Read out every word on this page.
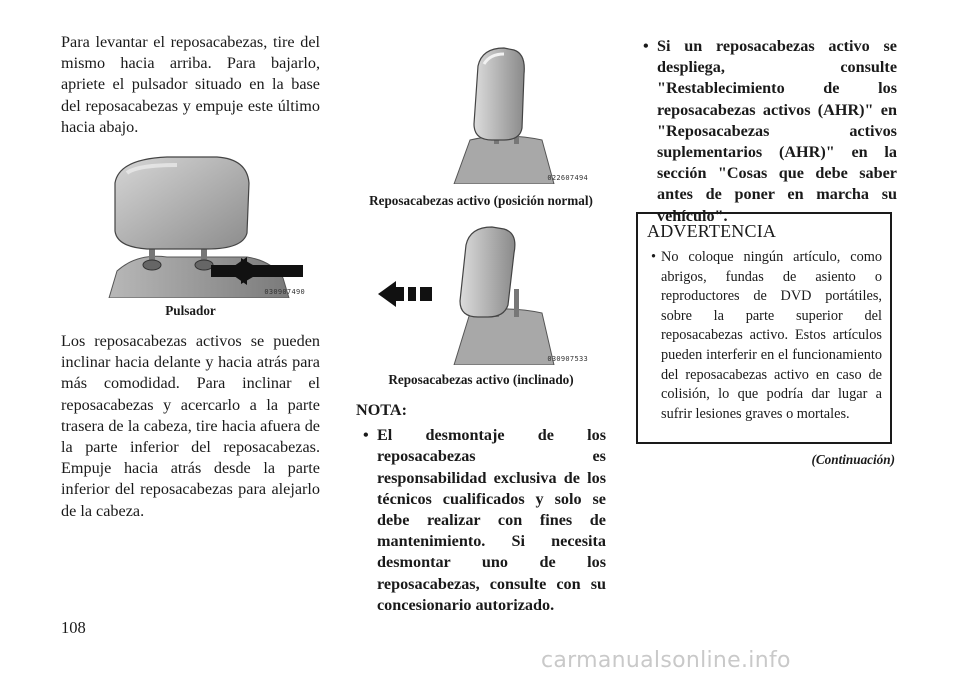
Para levantar el reposacabezas, tire del mismo hacia arriba. Para bajarlo, apriete el pulsador situado en la base del reposacabezas y empuje este último hacia abajo.

030907490

Pulsador

Los reposacabezas activos se pueden inclinar hacia delante y hacia atrás para más comodidad. Para inclinar el reposacabezas y acercarlo a la parte trasera de la cabeza, tire hacia afuera de la parte inferior del reposacabezas. Empuje hacia atrás desde la parte inferior del reposacabezas para alejarlo de la cabeza.

022607494

Reposacabezas activo (posición normal)

030907533

Reposacabezas activo (inclinado)

NOTA:

• El desmontaje de los reposacabezas es responsabilidad exclusiva de los técnicos cualificados y solo se debe realizar con fines de mantenimiento. Si necesita desmontar uno de los reposacabezas, consulte con su concesionario autorizado.

• Si un reposacabezas activo se despliega, consulte "Restablecimiento de los reposacabezas activos (AHR)" en "Reposacabezas activos suplementarios (AHR)" en la sección "Cosas que debe saber antes de poner en marcha su vehículo".

ADVERTENCIA

• No coloque ningún artículo, como abrigos, fundas de asiento o reproductores de DVD portátiles, sobre la parte superior del reposacabezas activo. Estos artículos pueden interferir en el funcionamiento del reposacabezas activo en caso de colisión, lo que podría dar lugar a sufrir lesiones graves o mortales.

(Continuación)
108
carmanualsonline.info
